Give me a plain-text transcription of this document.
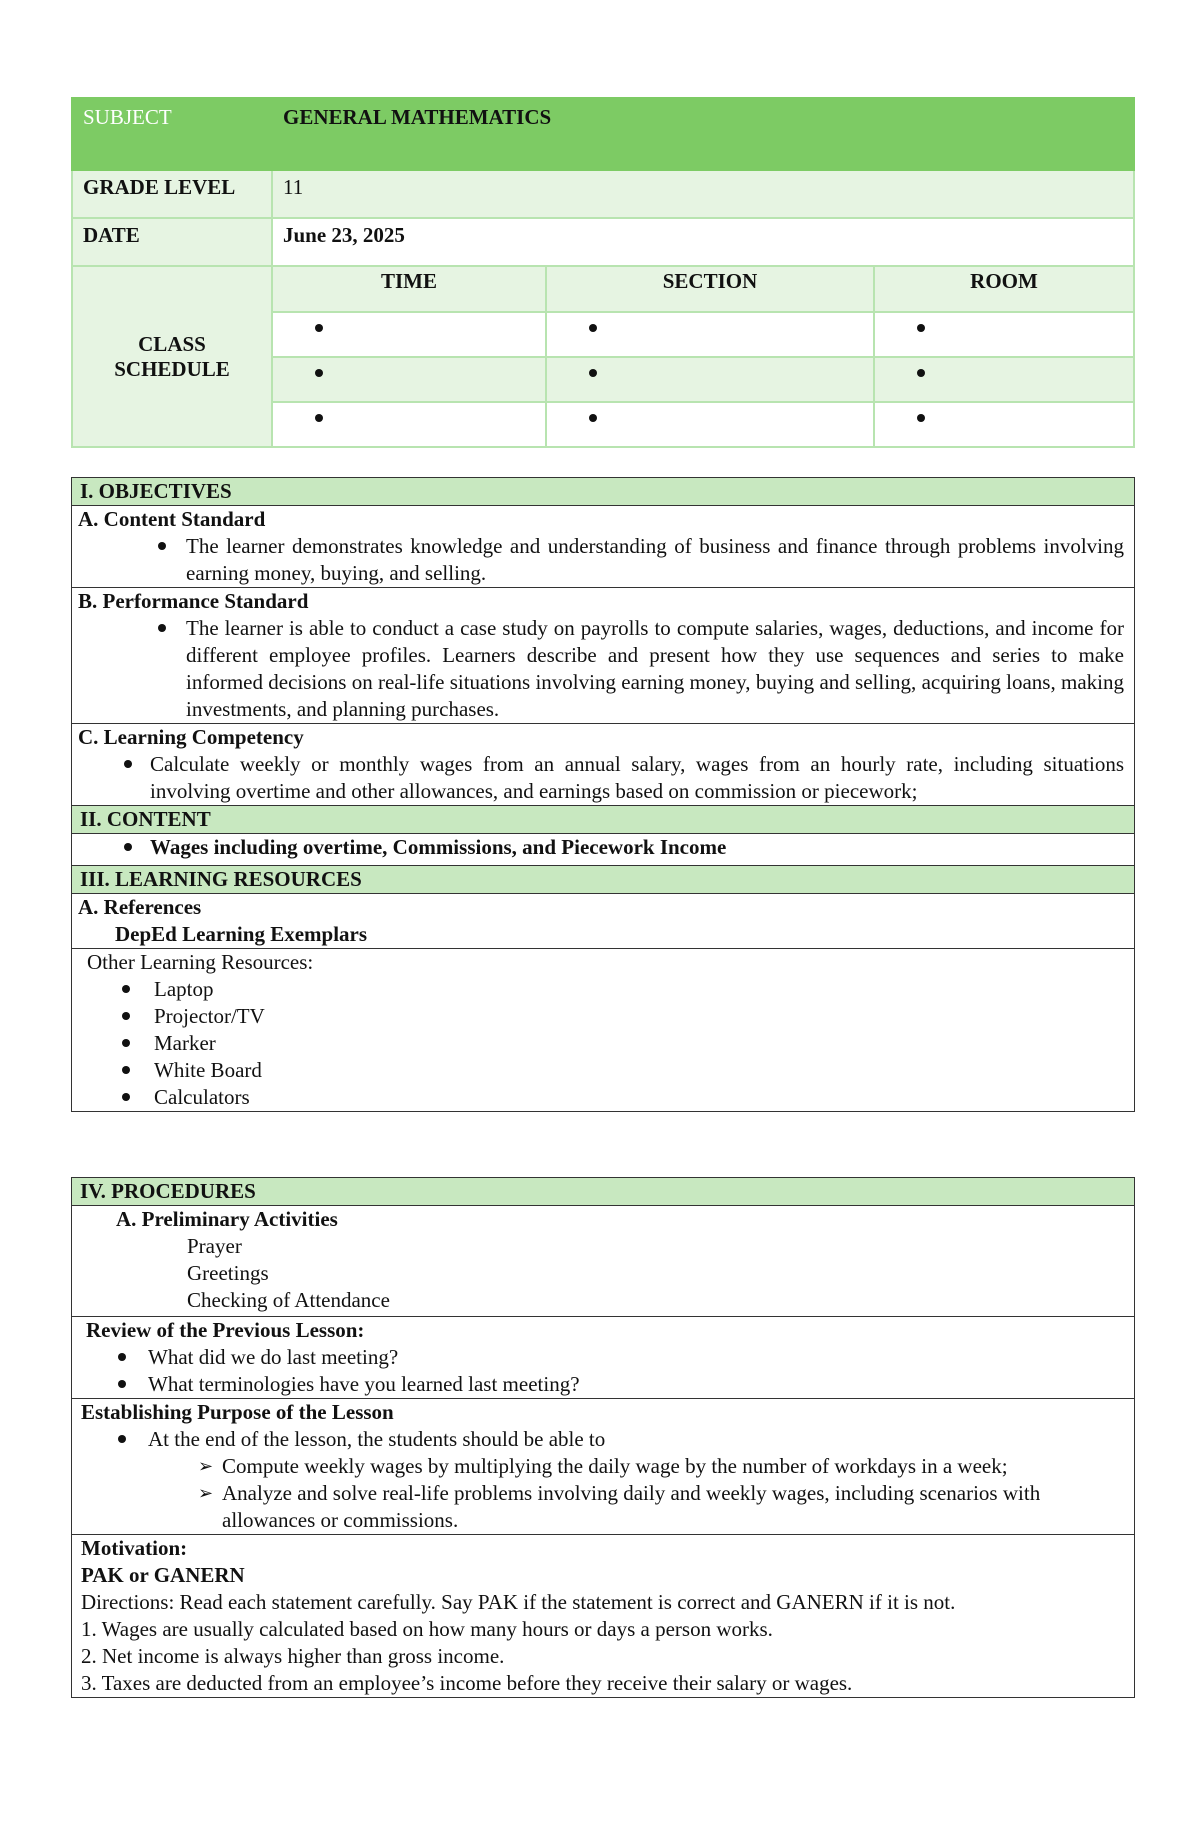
SUBJECT	GENERAL MATHEMATICS		
GRADE LEVEL	11		
DATE	June 23, 2025		
CLASS SCHEDULE	TIME	SECTION	ROOM

I. OBJECTIVES

A. Content Standard
The learner demonstrates knowledge and understanding of business and finance through problems involving earning money, buying, and selling.

B. Performance Standard
The learner is able to conduct a case study on payrolls to compute salaries, wages, deductions, and income for different employee profiles. Learners describe and present how they use sequences and series to make informed decisions on real-life situations involving earning money, buying and selling, acquiring loans, making investments, and planning purchases.

C. Learning Competency
Calculate weekly or monthly wages from an annual salary, wages from an hourly rate, including situations involving overtime and other allowances, and earnings based on commission or piecework;

II. CONTENT

Wages including overtime, Commissions, and Piecework Income

III. LEARNING RESOURCES

A. References
DepEd Learning Exemplars

Other Learning Resources:
Laptop
Projector/TV
Marker
White Board
Calculators
IV. PROCEDURES

A. Preliminary Activities
Prayer
Greetings
Checking of Attendance

Review of the Previous Lesson:
What did we do last meeting?
What terminologies have you learned last meeting?

Establishing Purpose of the Lesson
At the end of the lesson, the students should be able to
➢ Compute weekly wages by multiplying the daily wage by the number of workdays in a week;
➢ Analyze and solve real-life problems involving daily and weekly wages, including scenarios with allowances or commissions.

Motivation:
PAK or GANERN
Directions: Read each statement carefully. Say PAK if the statement is correct and GANERN if it is not.
1. Wages are usually calculated based on how many hours or days a person works.
2. Net income is always higher than gross income.
3. Taxes are deducted from an employee’s income before they receive their salary or wages.
